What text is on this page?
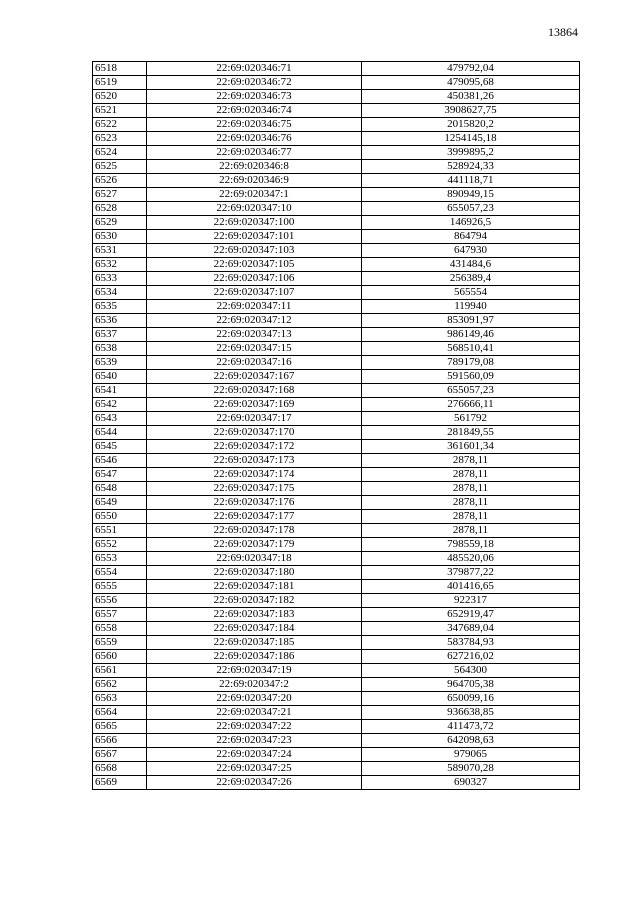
13864
6518	22:69:020346:71	479792,04
6519	22:69:020346:72	479095,68
6520	22:69:020346:73	450381,26
6521	22:69:020346:74	3908627,75
6522	22:69:020346:75	2015820,2
6523	22:69:020346:76	1254145,18
6524	22:69:020346:77	3999895,2
6525	22:69:020346:8	528924,33
6526	22:69:020346:9	441118,71
6527	22:69:020347:1	890949,15
6528	22:69:020347:10	655057,23
6529	22:69:020347:100	146926,5
6530	22:69:020347:101	864794
6531	22:69:020347:103	647930
6532	22:69:020347:105	431484,6
6533	22:69:020347:106	256389,4
6534	22:69:020347:107	565554
6535	22:69:020347:11	119940
6536	22:69:020347:12	853091,97
6537	22:69:020347:13	986149,46
6538	22:69:020347:15	568510,41
6539	22:69:020347:16	789179,08
6540	22:69:020347:167	591560,09
6541	22:69:020347:168	655057,23
6542	22:69:020347:169	276666,11
6543	22:69:020347:17	561792
6544	22:69:020347:170	281849,55
6545	22:69:020347:172	361601,34
6546	22:69:020347:173	2878,11
6547	22:69:020347:174	2878,11
6548	22:69:020347:175	2878,11
6549	22:69:020347:176	2878,11
6550	22:69:020347:177	2878,11
6551	22:69:020347:178	2878,11
6552	22:69:020347:179	798559,18
6553	22:69:020347:18	485520,06
6554	22:69:020347:180	379877,22
6555	22:69:020347:181	401416,65
6556	22:69:020347:182	922317
6557	22:69:020347:183	652919,47
6558	22:69:020347:184	347689,04
6559	22:69:020347:185	583784,93
6560	22:69:020347:186	627216,02
6561	22:69:020347:19	564300
6562	22:69:020347:2	964705,38
6563	22:69:020347:20	650099,16
6564	22:69:020347:21	936638,85
6565	22:69:020347:22	411473,72
6566	22:69:020347:23	642098,63
6567	22:69:020347:24	979065
6568	22:69:020347:25	589070,28
6569	22:69:020347:26	690327
